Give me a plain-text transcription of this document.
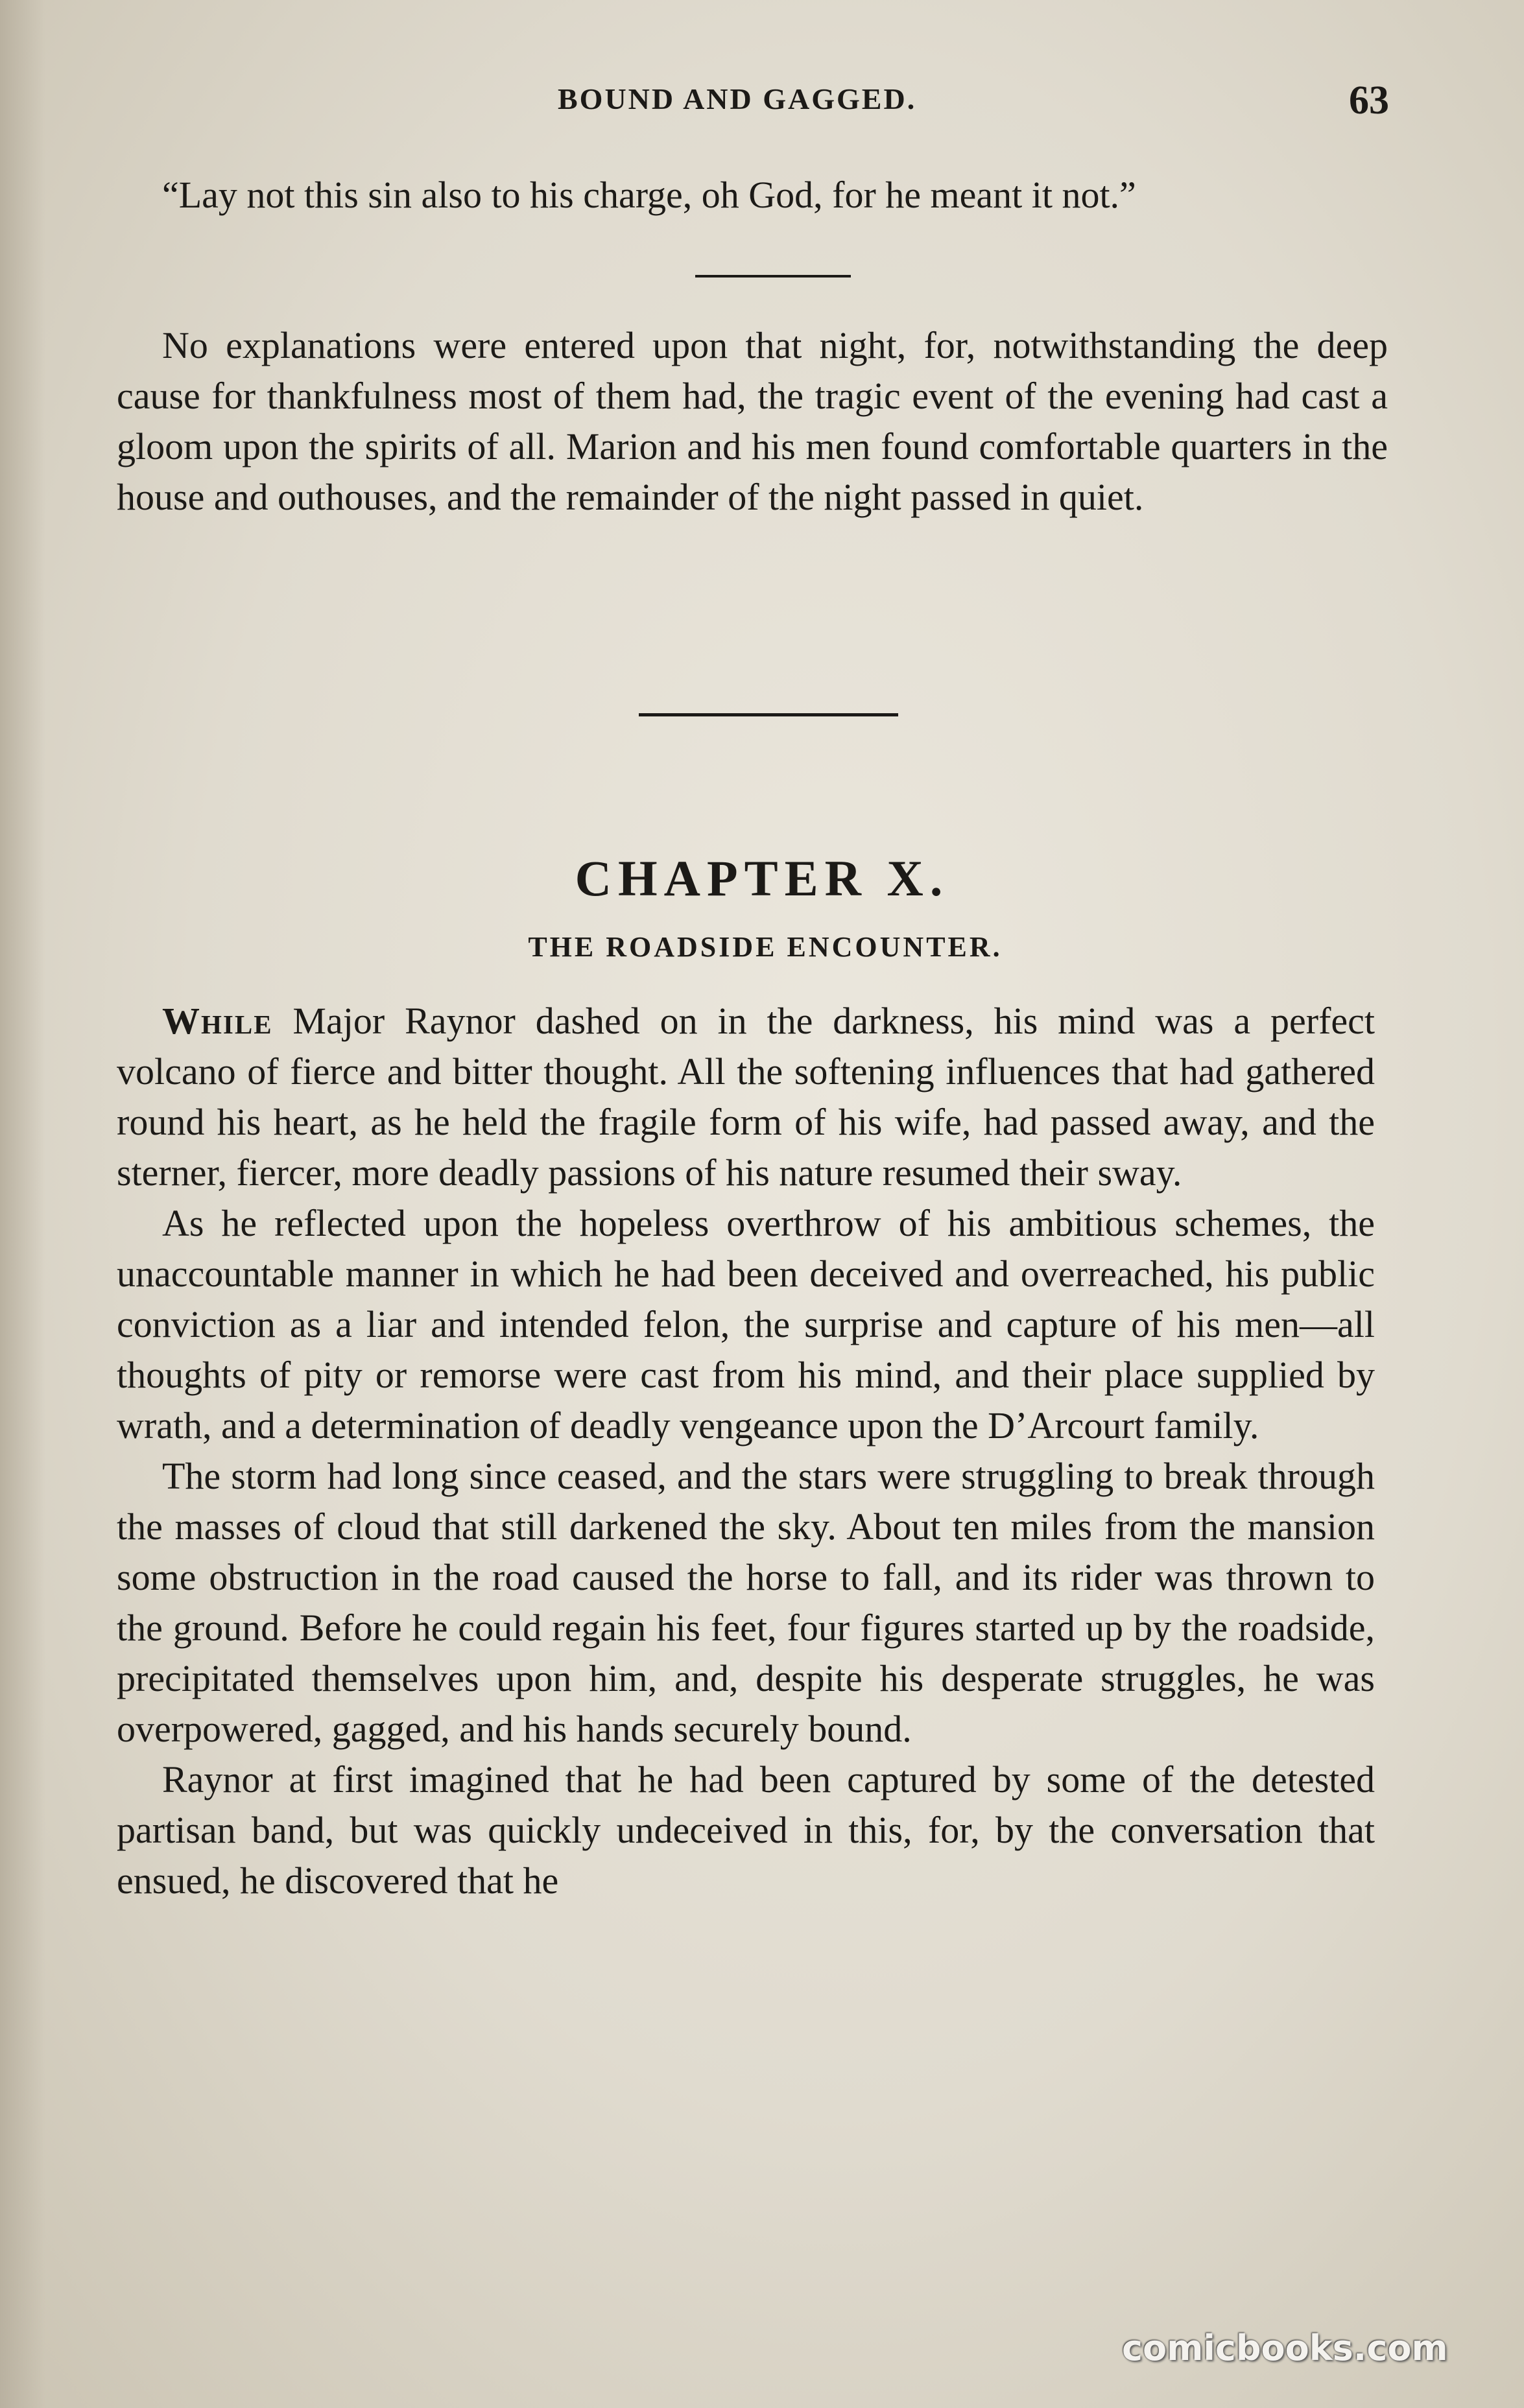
BOUND AND GAGGED.	63

“Lay not this sin also to his charge, oh God, for he meant it not.”

No explanations were entered upon that night, for, notwithstanding the deep cause for thankfulness most of them had, the tragic event of the evening had cast a gloom upon the spirits of all. Marion and his men found comfortable quarters in the house and outhouses, and the remainder of the night passed in quiet.

CHAPTER X.
THE ROADSIDE ENCOUNTER.

While Major Raynor dashed on in the darkness, his mind was a perfect volcano of fierce and bitter thought. All the softening influences that had gathered round his heart, as he held the fragile form of his wife, had passed away, and the sterner, fiercer, more deadly passions of his nature resumed their sway.

As he reflected upon the hopeless overthrow of his ambitious schemes, the unaccountable manner in which he had been deceived and overreached, his public conviction as a liar and intended felon, the surprise and capture of his men—all thoughts of pity or remorse were cast from his mind, and their place supplied by wrath, and a determination of deadly vengeance upon the D’Arcourt family.

The storm had long since ceased, and the stars were struggling to break through the masses of cloud that still darkened the sky. About ten miles from the mansion some obstruction in the road caused the horse to fall, and its rider was thrown to the ground. Before he could regain his feet, four figures started up by the roadside, precipitated themselves upon him, and, despite his desperate struggles, he was overpowered, gagged, and his hands securely bound.

Raynor at first imagined that he had been captured by some of the detested partisan band, but was quickly undeceived in this, for, by the conversation that ensued, he discovered that he

comicbooks.com
